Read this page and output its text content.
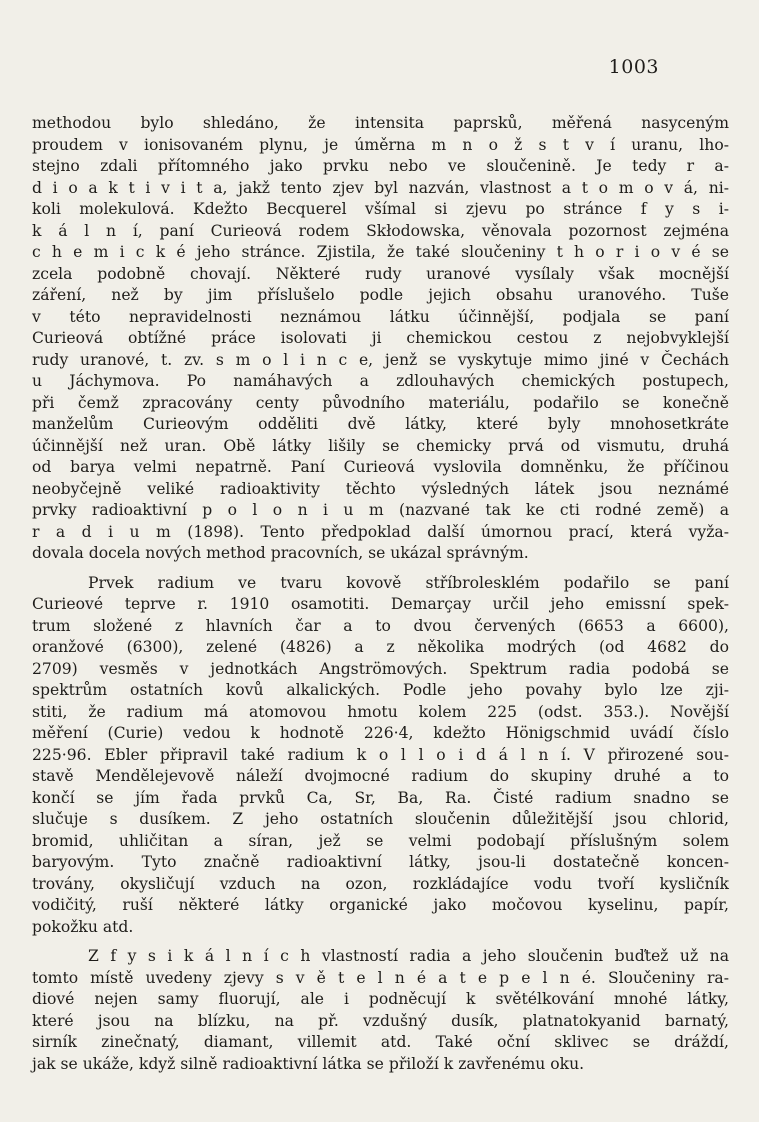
1003
methodou bylo shledáno, že intensita paprsků, měřená nasyceným
proudem v ionisovaném plynu, je úměrna m n o ž s t v í uranu, lho-
stejno zdali přítomného jako prvku nebo ve sloučenině. Je tedy r a-
d i o a k t i v i t a, jakž tento zjev byl nazván, vlastnost a t o m o v á, ni-
koli molekulová. Kdežto Becquerel všímal si zjevu po stránce f y s i-
k á l n í, paní Curieová rodem Skłodowska, věnovala pozornost zejména
c h e m i c k é jeho stránce. Zjistila, že také sloučeniny t h o r i o v é se
zcela podobně chovají. Některé rudy uranové vysílaly však mocnější
záření, než by jim příslušelo podle jejich obsahu uranového. Tuše
v této nepravidelnosti neznámou látku účinnější, podjala se paní
Curieová obtížné práce isolovati ji chemickou cestou z nejobvyklejší
rudy uranové, t. zv. s m o l i n c e, jenž se vyskytuje mimo jiné v Čechách
u Jáchymova. Po namáhavých a zdlouhavých chemických postupech,
při čemž zpracovány centy původního materiálu, podařilo se konečně
manželům Curieovým odděliti dvě látky, které byly mnohosetkráte
účinnější než uran. Obě látky lišily se chemicky prvá od vismutu, druhá
od baryа velmi nepatrně. Paní Curieová vyslovila domněnku, že příčinou
neobyčejně veliké radioaktivity těchto výsledných látek jsou neznámé
prvky radioaktivní p o l o n i u m (nazvané tak ke cti rodné země) a
r a d i u m (1898). Tento předpoklad další úmornou prací, která vyža-
dovala docela nových method pracovních, se ukázal správným.
Prvek radium ve tvaru kovově stříbrolesklém podařilo se paní
Curieové teprve r. 1910 osamotiti. Demarçay určil jeho emissní spek-
trum složené z hlavních čar a to dvou červených (6653 a 6600),
oranžové (6300), zelené (4826) a z několika modrých (od 4682 do
2709) vesměs v jednotkách Angströmových. Spektrum radia podobá se
spektrům ostatních kovů alkalických. Podle jeho povahy bylo lze zji-
stiti, že radium má atomovou hmotu kolem 225 (odst. 353.). Novější
měření (Curie) vedou k hodnotě 226·4, kdežto Hönigschmid uvádí číslo
225·96. Ebler připravil také radium k o l l o i d á l n í. V přirozené sou-
stavě Mendělejevově náleží dvojmocné radium do skupiny druhé a to
končí se jím řada prvků Ca, Sr, Ba, Ra. Čisté radium snadno se
slučuje s dusíkem. Z jeho ostatních sloučenin důležitější jsou chlorid,
bromid, uhličitan a síran, jež se velmi podobají příslušným solem
baryovým. Tyto značně radioaktivní látky, jsou-li dostatečně koncen-
trovány, okysličují vzduch na ozon, rozkládajíce vodu tvoří kysličník
vodičitý, ruší některé látky organické jako močovou kyselinu, papír,
pokožku atd.
Z f y s i k á l n í c h vlastností radia a jeho sloučenin buďtež už na
tomto místě uvedeny zjevy s v ě t e l n é a t e p e l n é. Sloučeniny ra-
diové nejen samy fluorují, ale i podněcují k světélkování mnohé látky,
které jsou na blízku, na př. vzdušný dusík, platnatokyanid barnatý,
sirník zinečnatý, diamant, villemit atd. Také oční sklivec se dráždí,
jak se ukáže, když silně radioaktivní látka se přiloží k zavřenému oku.
